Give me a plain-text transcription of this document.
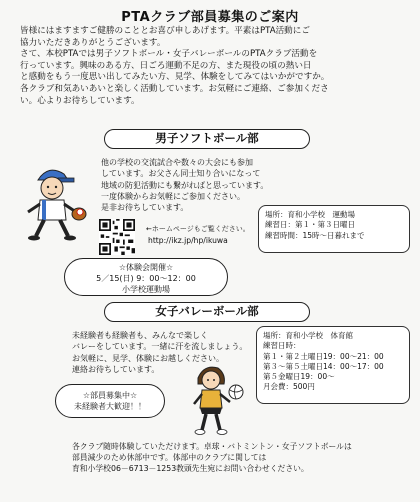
PTAクラブ部員募集のご案内
皆様にはますますご健勝のこととお喜び申しあげます。平素はPTA活動にご
協力いただきありがとうございます。
さて、本校PTAでは男子ソフトボール・女子バレーボールのPTAクラブ活動を
行っています。興味のある方、日ごろ運動不足の方、また現役の頃の熱い日
と感動をもう一度思い出してみたい方、見学、体験をしてみてはいかがですか。
各クラブ和気あいあいと楽しく活動しています。お気軽にご連絡、ご参加くださ
い。心よりお待ちしています。
男子ソフトボール部
他の学校の交流試合や数々の大会にも参加
しています。お父さん同士知り合いになって
地域の防犯活動にも繋がればと思っています。
一度体験からお気軽にご参加ください。
是非お待ちしています。
←ホームページもご覧ください。
http://ikz.jp/hp/ikuwa
場所：育和小学校　運動場
練習日：第１・第３日曜日
練習時間：15時～日暮れまで
☆体験会開催☆
5／15(日) 9：00～12：00
小学校運動場
女子バレーボール部
未経験者も経験者も、みんなで楽しく
バレーをしています。一緒に汗を流しましょう。
お気軽に、見学、体験にお越しください。
連絡お待ちしています。
場所：育和小学校　体育館
練習日時：
第１・第２土曜日19：00～21：00
第３～第５土曜日14：00～17：00
第５金曜日19：00～
月会費：500円
☆部員募集中☆
未経験者大歓迎！！
各クラブ随時体験していただけます。卓球・バトミントン・女子ソフトボールは
部員減少のため休部中です。体部中のクラブに関しては
育和小学校06－6713－1253教頭先生宛にお問い合わせください。
